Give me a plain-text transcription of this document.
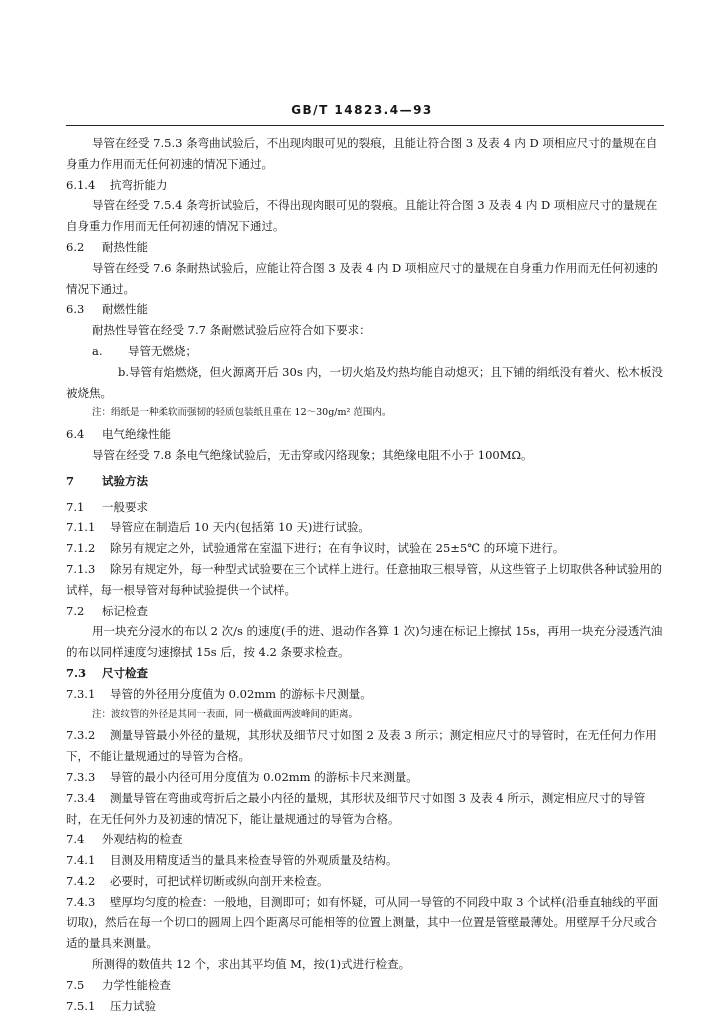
GB/T 14823.4—93

导管在经受 7.5.3 条弯曲试验后，不出现肉眼可见的裂痕，且能让符合图 3 及表 4 内 D 项相应尺寸的量规在自身重力作用而无任何初速的情况下通过。

6.1.4 抗弯折能力

导管在经受 7.5.4 条弯折试验后，不得出现肉眼可见的裂痕。且能让符合图 3 及表 4 内 D 项相应尺寸的量规在自身重力作用而无任何初速的情况下通过。

6.2 耐热性能

导管在经受 7.6 条耐热试验后，应能让符合图 3 及表 4 内 D 项相应尺寸的量规在自身重力作用而无任何初速的情况下通过。

6.3 耐燃性能

耐热性导管在经受 7.7 条耐燃试验后应符合如下要求：

a. 导管无燃烧；

b.导管有焰燃烧，但火源离开后 30s 内，一切火焰及灼热均能自动熄灭；且下铺的绢纸没有着火、松木板没被烧焦。

注：绢纸是一种柔软而强韧的轻质包装纸且重在 12～30g/m² 范围内。

6.4 电气绝缘性能

导管在经受 7.8 条电气绝缘试验后，无击穿或闪络现象；其绝缘电阻不小于 100MΩ。

7 试验方法

7.1 一般要求

7.1.1 导管应在制造后 10 天内(包括第 10 天)进行试验。

7.1.2 除另有规定之外，试验通常在室温下进行；在有争议时，试验在 25±5℃ 的环境下进行。

7.1.3 除另有规定外，每一种型式试验要在三个试样上进行。任意抽取三根导管，从这些管子上切取供各种试验用的试样，每一根导管对每种试验提供一个试样。

7.2 标记检查

用一块充分浸水的布以 2 次/s 的速度(手的进、退动作各算 1 次)匀速在标记上擦拭 15s，再用一块充分浸透汽油的布以同样速度匀速擦拭 15s 后，按 4.2 条要求检查。

7.3 尺寸检查

7.3.1 导管的外径用分度值为 0.02mm 的游标卡尺测量。

注：波纹管的外径是其同一表面，同一横截面两波峰间的距离。

7.3.2 测量导管最小外径的量规，其形状及细节尺寸如图 2 及表 3 所示；测定相应尺寸的导管时，在无任何力作用下，不能让量规通过的导管为合格。

7.3.3 导管的最小内径可用分度值为 0.02mm 的游标卡尺来测量。

7.3.4 测量导管在弯曲或弯折后之最小内径的量规，其形状及细节尺寸如图 3 及表 4 所示，测定相应尺寸的导管时，在无任何外力及初速的情况下，能让量规通过的导管为合格。

7.4 外观结构的检查

7.4.1 目测及用精度适当的量具来检查导管的外观质量及结构。

7.4.2 必要时，可把试样切断或纵向剖开来检查。

7.4.3 壁厚均匀度的检查：一般地，目测即可；如有怀疑，可从同一导管的不同段中取 3 个试样(沿垂直轴线的平面切取)，然后在每一个切口的圆周上四个距离尽可能相等的位置上测量，其中一位置是管壁最薄处。用壁厚千分尺或合适的量具来测量。

所测得的数值共 12 个，求出其平均值 M，按(1)式进行检查。

7.5 力学性能检查

7.5.1 压力试验
